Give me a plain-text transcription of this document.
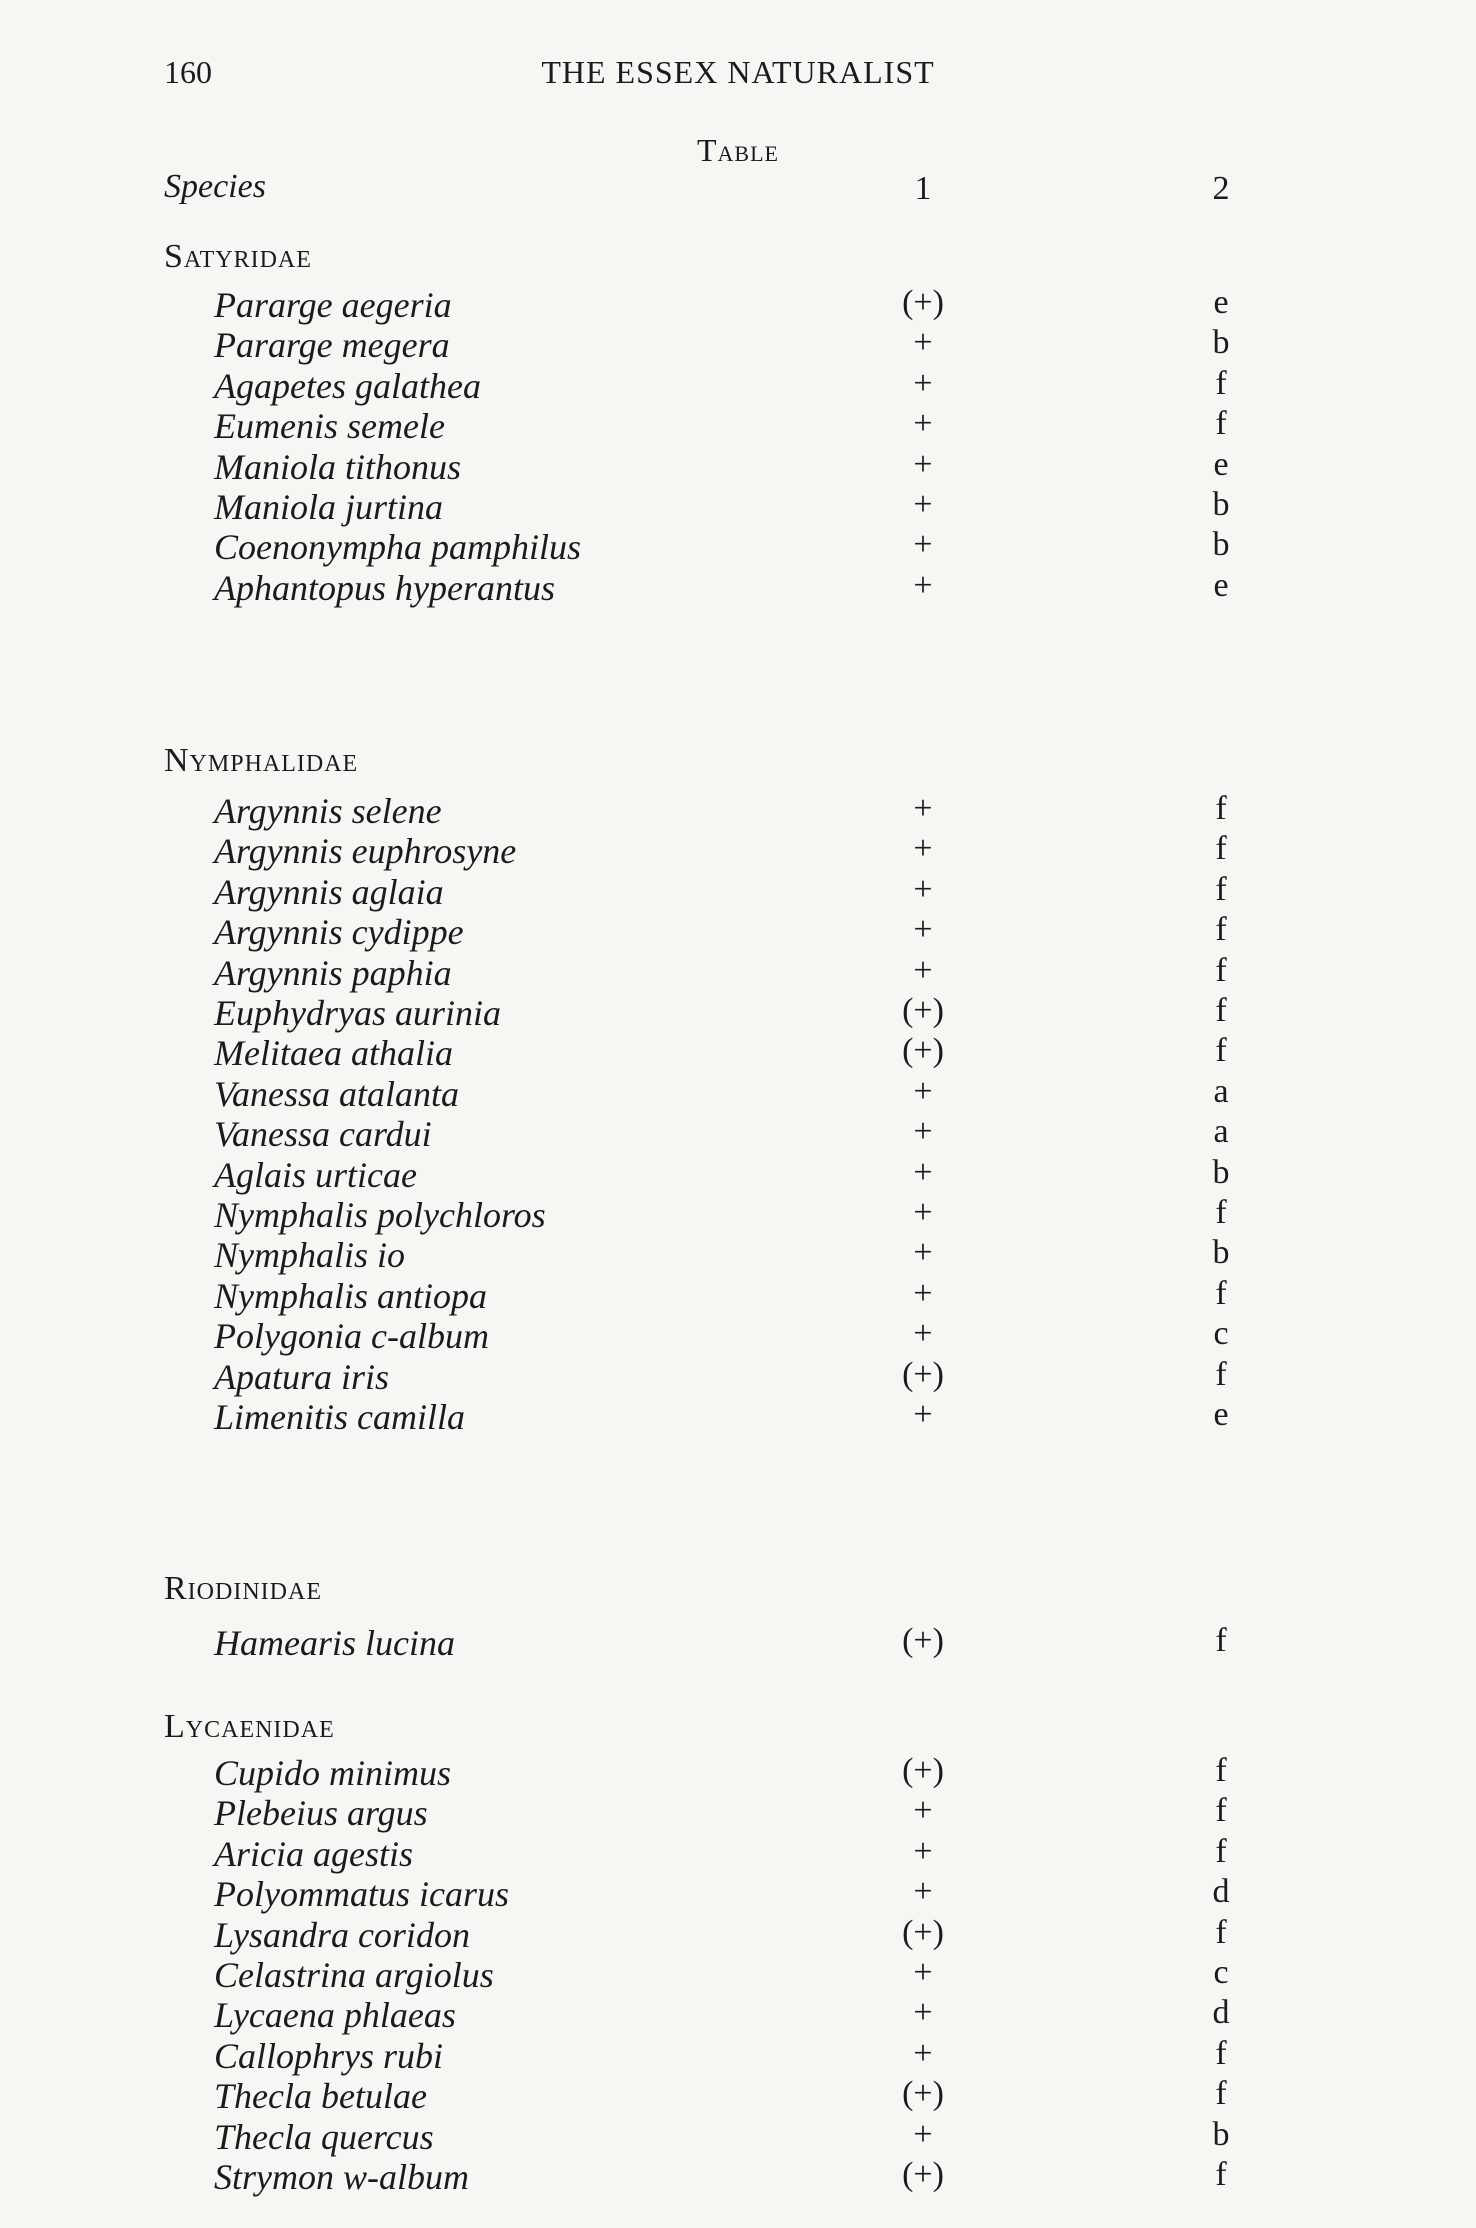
160	THE ESSEX NATURALIST
Table
Species	1	2
Satyridae
Pararge aegeria	(+)	e
Pararge megera	+	b
Agapetes galathea	+	f
Eumenis semele	+	f
Maniola tithonus	+	e
Maniola jurtina	+	b
Coenonympha pamphilus	+	b
Aphantopus hyperantus	+	e
Nymphalidae
Argynnis selene	+	f
Argynnis euphrosyne	+	f
Argynnis aglaia	+	f
Argynnis cydippe	+	f
Argynnis paphia	+	f
Euphydryas aurinia	(+)	f
Melitaea athalia	(+)	f
Vanessa atalanta	+	a
Vanessa cardui	+	a
Aglais urticae	+	b
Nymphalis polychloros	+	f
Nymphalis io	+	b
Nymphalis antiopa	+	f
Polygonia c-album	+	c
Apatura iris	(+)	f
Limenitis camilla	+	e
Riodinidae
Hamearis lucina	(+)	f
Lycaenidae
Cupido minimus	(+)	f
Plebeius argus	+	f
Aricia agestis	+	f
Polyommatus icarus	+	d
Lysandra coridon	(+)	f
Celastrina argiolus	+	c
Lycaena phlaeas	+	d
Callophrys rubi	+	f
Thecla betulae	(+)	f
Thecla quercus	+	b
Strymon w-album	(+)	f
